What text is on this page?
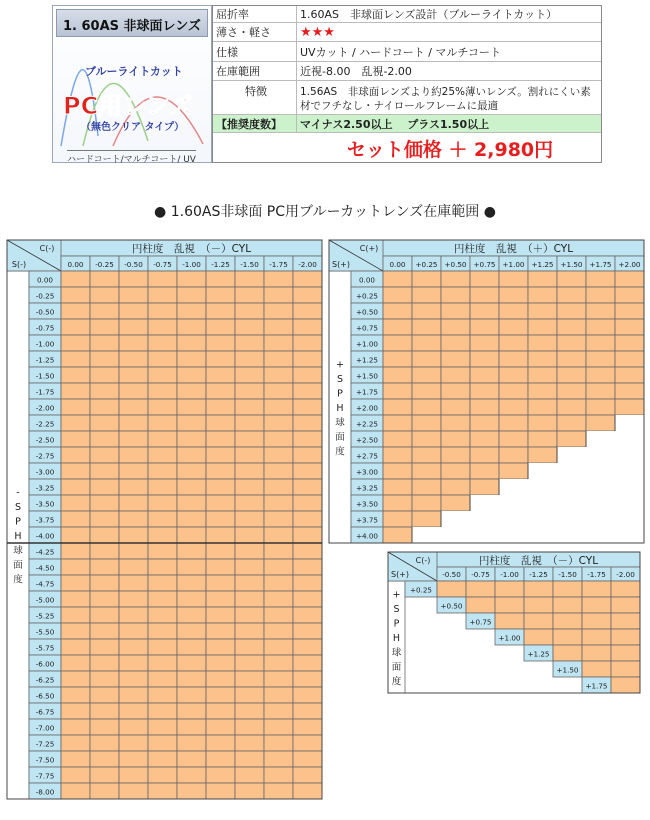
1. 60AS 非球面レンズ
ブルーライトカット
PC用レンズ
（無色クリア タイプ）
ハードコート/マルチコート/ UV
屈折率	1.60AS　非球面レンズ設計（ブルーライトカット）
薄さ・軽さ	★★★
仕様	UVカット / ハードコート / マルチコート
在庫範囲	近視-8.00　乱視-2.00
特徴	1.56AS　非球面レンズより約25%薄いレンズ。割れにくい素
材でフチなし・ナイロールフレームに最適
【推奨度数】	マイナス2.50以上　 プラス1.50以上
セット価格 ＋ 2,980円
● 1.60AS非球面 PC用ブルーカットレンズ在庫範囲 ●
C(-)
S(-)
円柱度　乱視　（－）CYL
0.00 -0.25 -0.50 -0.75 -1.00 -1.25 -1.50 -1.75 -2.00
0.00
-0.25
-0.50
-0.75
-1.00
-1.25
-1.50
-1.75
-2.00
-2.25
-2.50
-2.75
-3.00
-3.25
-3.50
-3.75
-4.00
-4.25
-4.50
-4.75
-5.00
-5.25
-5.50
-5.75
-6.00
-6.25
-6.50
-6.75
-7.00
-7.25
-7.50
-7.75
-8.00
-
S
P
H
球
面
度
C(+)
S(+)
円柱度　乱視　（＋）CYL
0.00 +0.25 +0.50 +0.75 +1.00 +1.25 +1.50 +1.75 +2.00
0.00
+0.25
+0.50
+0.75
+1.00
+1.25
+1.50
+1.75
+2.00
+2.25
+2.50
+2.75
+3.00
+3.25
+3.50
+3.75
+4.00
+
S
P
H
球
面
度
C(-)
S(+)
円柱度　乱視　（－）CYL
-0.50 -0.75 -1.00 -1.25 -1.50 -1.75 -2.00
+0.25
+0.50
+0.75
+1.00
+1.25
+1.50
+1.75
+
S
P
H
球
面
度
